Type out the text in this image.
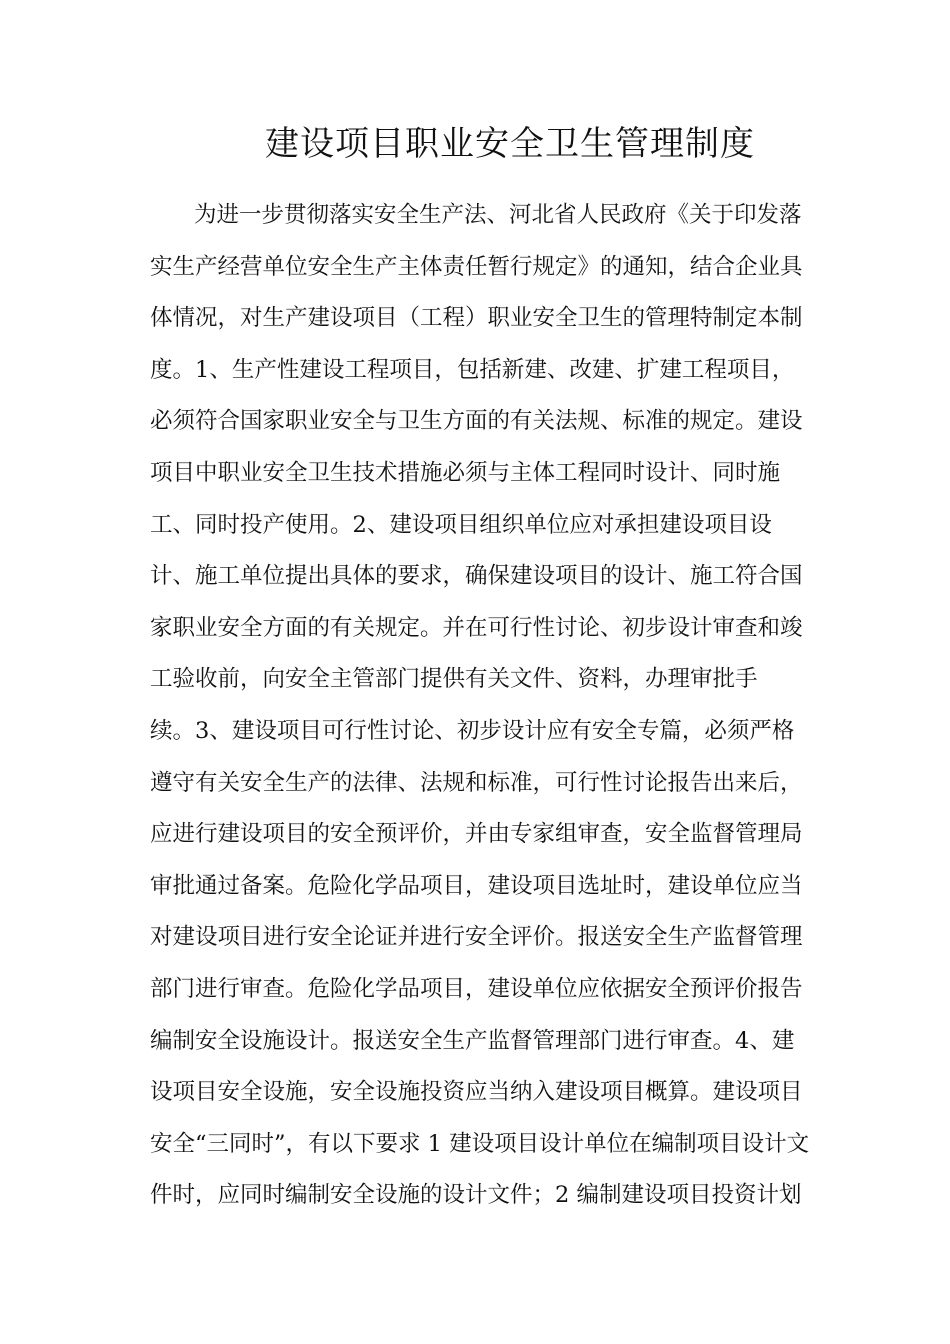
建设项目职业安全卫生管理制度
为进一步贯彻落实安全生产法、河北省人民政府《关于印发落
实生产经营单位安全生产主体责任暂行规定》的通知，结合企业具
体情况，对生产建设项目（工程）职业安全卫生的管理特制定本制
度。1、生产性建设工程项目，包括新建、改建、扩建工程项目，
必须符合国家职业安全与卫生方面的有关法规、标准的规定。建设
项目中职业安全卫生技术措施必须与主体工程同时设计、同时施
工、同时投产使用。2、建设项目组织单位应对承担建设项目设
计、施工单位提出具体的要求，确保建设项目的设计、施工符合国
家职业安全方面的有关规定。并在可行性讨论、初步设计审查和竣
工验收前，向安全主管部门提供有关文件、资料，办理审批手
续。3、建设项目可行性讨论、初步设计应有安全专篇，必须严格
遵守有关安全生产的法律、法规和标准，可行性讨论报告出来后，
应进行建设项目的安全预评价，并由专家组审查，安全监督管理局
审批通过备案。危险化学品项目，建设项目选址时，建设单位应当
对建设项目进行安全论证并进行安全评价。报送安全生产监督管理
部门进行审查。危险化学品项目，建设单位应依据安全预评价报告
编制安全设施设计。报送安全生产监督管理部门进行审查。4、建
设项目安全设施，安全设施投资应当纳入建设项目概算。建设项目
安全“三同时”，有以下要求 1 建设项目设计单位在编制项目设计文
件时，应同时编制安全设施的设计文件；2 编制建设项目投资计划
